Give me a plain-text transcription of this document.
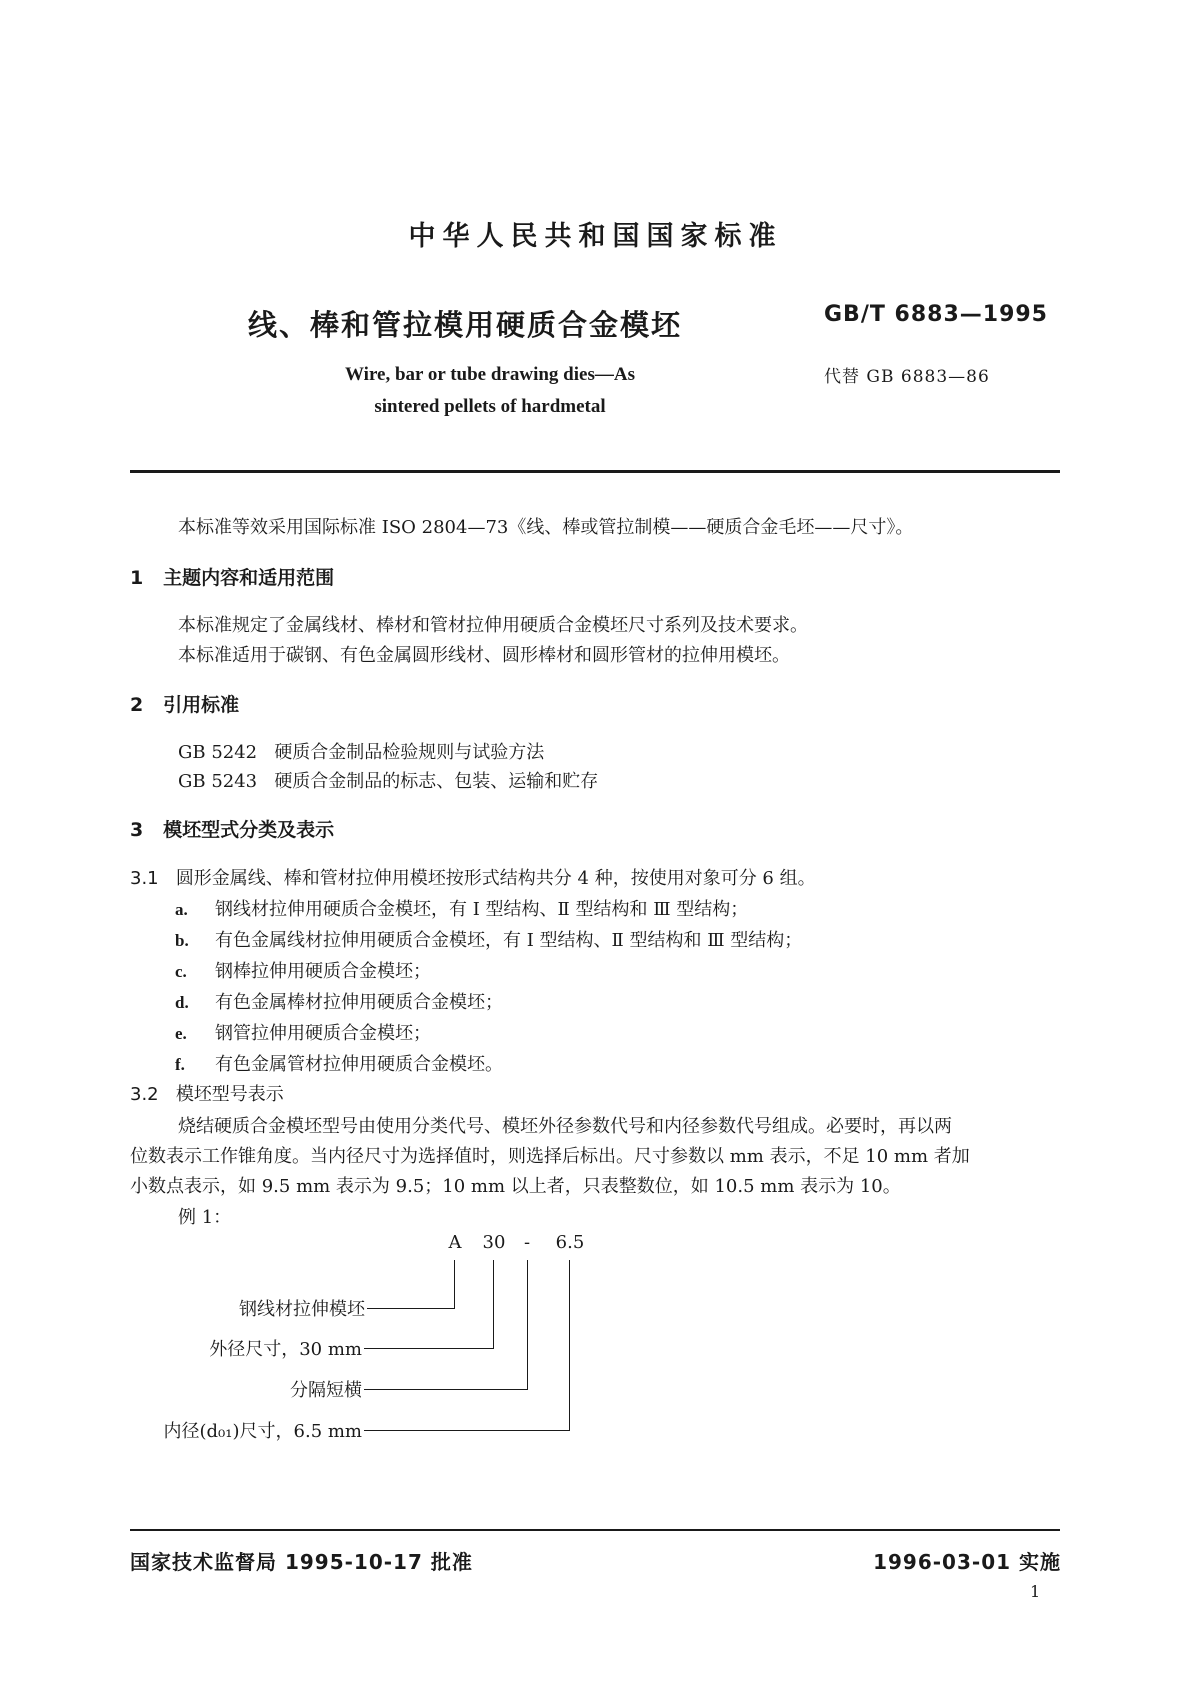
中华人民共和国国家标准
线、棒和管拉模用硬质合金模坯	GB/T 6883—1995
代替 GB 6883—86
Wire, bar or tube drawing dies—As
sintered pellets of hardmetal
本标准等效采用国际标准 ISO 2804—73《线、棒或管拉制模——硬质合金毛坯——尺寸》。
1 主题内容和适用范围
本标准规定了金属线材、棒材和管材拉伸用硬质合金模坯尺寸系列及技术要求。
本标准适用于碳钢、有色金属圆形线材、圆形棒材和圆形管材的拉伸用模坯。
2 引用标准
GB 5242 硬质合金制品检验规则与试验方法
GB 5243 硬质合金制品的标志、包装、运输和贮存
3 模坯型式分类及表示
3.1 圆形金属线、棒和管材拉伸用模坯按形式结构共分 4 种，按使用对象可分 6 组。
a. 钢线材拉伸用硬质合金模坯，有 Ⅰ 型结构、Ⅱ 型结构和 Ⅲ 型结构；
b. 有色金属线材拉伸用硬质合金模坯，有 Ⅰ 型结构、Ⅱ 型结构和 Ⅲ 型结构；
c. 钢棒拉伸用硬质合金模坯；
d. 有色金属棒材拉伸用硬质合金模坯；
e. 钢管拉伸用硬质合金模坯；
f. 有色金属管材拉伸用硬质合金模坯。
3.2 模坯型号表示
烧结硬质合金模坯型号由使用分类代号、模坯外径参数代号和内径参数代号组成。必要时，再以两
位数表示工作锥角度。当内径尺寸为选择值时，则选择后标出。尺寸参数以 mm 表示，不足 10 mm 者加
小数点表示，如 9.5 mm 表示为 9.5；10 mm 以上者，只表整数位，如 10.5 mm 表示为 10。
例 1：
A	30	-	6.5
钢线材拉伸模坯
外径尺寸，30 mm
分隔短横
内径(d₀₁)尺寸，6.5 mm
国家技术监督局 1995-10-17 批准	1996-03-01 实施
1
